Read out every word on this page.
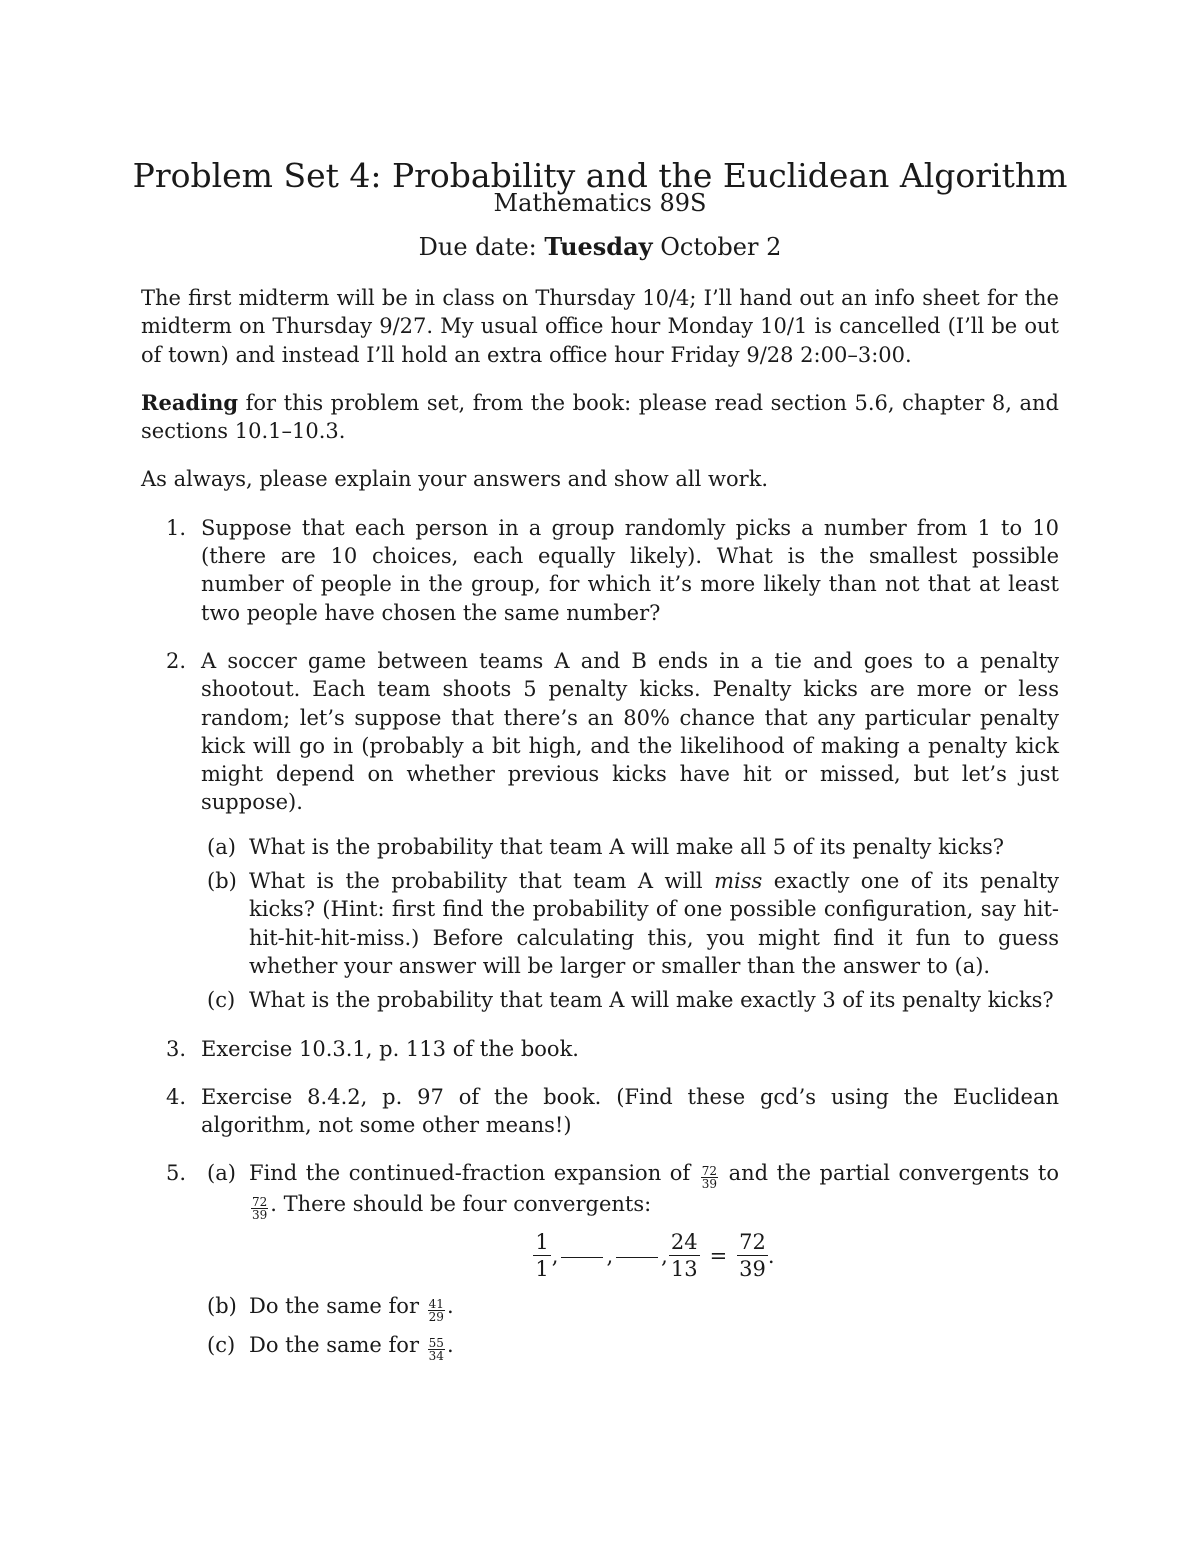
Problem Set 4: Probability and the Euclidean Algorithm
Mathematics 89S
Due date: Tuesday October 2

The first midterm will be in class on Thursday 10/4; I’ll hand out an info sheet for the midterm on Thursday 9/27. My usual office hour Monday 10/1 is cancelled (I’ll be out of town) and instead I’ll hold an extra office hour Friday 9/28 2:00–3:00.

Reading for this problem set, from the book: please read section 5.6, chapter 8, and sections 10.1–10.3.

As always, please explain your answers and show all work.

1. Suppose that each person in a group randomly picks a number from 1 to 10 (there are 10 choices, each equally likely). What is the smallest possible number of people in the group, for which it’s more likely than not that at least two people have chosen the same number?
2. A soccer game between teams A and B ends in a tie and goes to a penalty shootout. Each team shoots 5 penalty kicks. Penalty kicks are more or less random; let’s suppose that there’s an 80% chance that any particular penalty kick will go in (probably a bit high, and the likelihood of making a penalty kick might depend on whether previous kicks have hit or missed, but let’s just suppose).
(a) What is the probability that team A will make all 5 of its penalty kicks?
(b) What is the probability that team A will miss exactly one of its penalty kicks? (Hint: first find the probability of one possible configuration, say hit-hit-hit-hit-miss.) Before calculating this, you might find it fun to guess whether your answer will be larger or smaller than the answer to (a).
(c) What is the probability that team A will make exactly 3 of its penalty kicks?
3. Exercise 10.3.1, p. 113 of the book.
4. Exercise 8.4.2, p. 97 of the book. (Find these gcd’s using the Euclidean algorithm, not some other means!)
5. (a) Find the continued-fraction expansion of $\frac{72}{39}$ and the partial convergents to
$\frac{72}{39}$ . There should be four convergents:
$\frac{1}{1}$ , , , $\frac{24}{13} = \frac{72}{39}$ .
(b) Do the same for $\frac{41}{29}$ .
(c) Do the same for $\frac{55}{34}$ .
